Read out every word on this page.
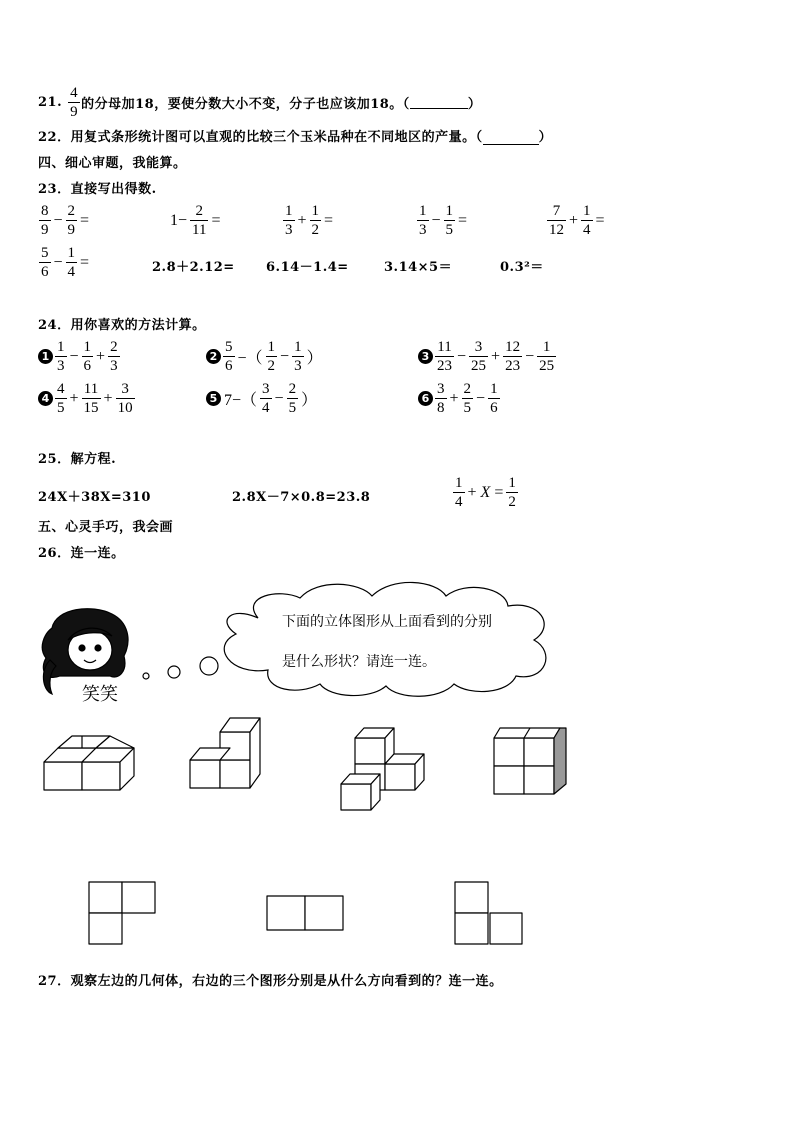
21. $\frac{4}{9}$ 的分母加18，要使分数大小不变，分子也应该加18。（	）
22．用复式条形统计图可以直观的比较三个玉米品种在不同地区的产量。（	）
四、细心审题，我能算。
23．直接写出得数.
$\frac{8}{9} - \frac{2}{9}$ =	$1- \frac{2}{11}$ =	$\frac{1}{3} + \frac{1}{2}$ =	$\frac{1}{3} - \frac{1}{5}$ =	$\frac{7}{12} + \frac{1}{4}$ =
$\frac{5}{6} - \frac{1}{4}$ =	2.8＋2.12= 6.14－1.4=	3.14×5＝	0.3²＝
24．用你喜欢的方法计算。
$1 \frac{1}{3} - \frac{1}{6} + \frac{2}{3}$	$2 \frac{5}{6}$ −（ $\frac{1}{2} - \frac{1}{3}$ ）	$3 \frac{11}{23} - \frac{3}{25} + \frac{12}{23} - \frac{1}{25}$
$4 \frac{4}{5} + \frac{11}{15} + \frac{3}{10}$	5 $7-( \frac{3}{4} - \frac{2}{5}$ ）	$6 \frac{3}{8} + \frac{2}{5} - \frac{1}{6}$
25．解方程.
24X＋38X=310	2.8X－7×0.8=23.8	$\frac{1}{4} + X = \frac{1}{2}$
五、心灵手巧，我会画
26．连一连。
下面的立体图形从上面看到的分别
是什么形状？请连一连。
笑笑
27．观察左边的几何体，右边的三个图形分别是从什么方向看到的？连一连。
